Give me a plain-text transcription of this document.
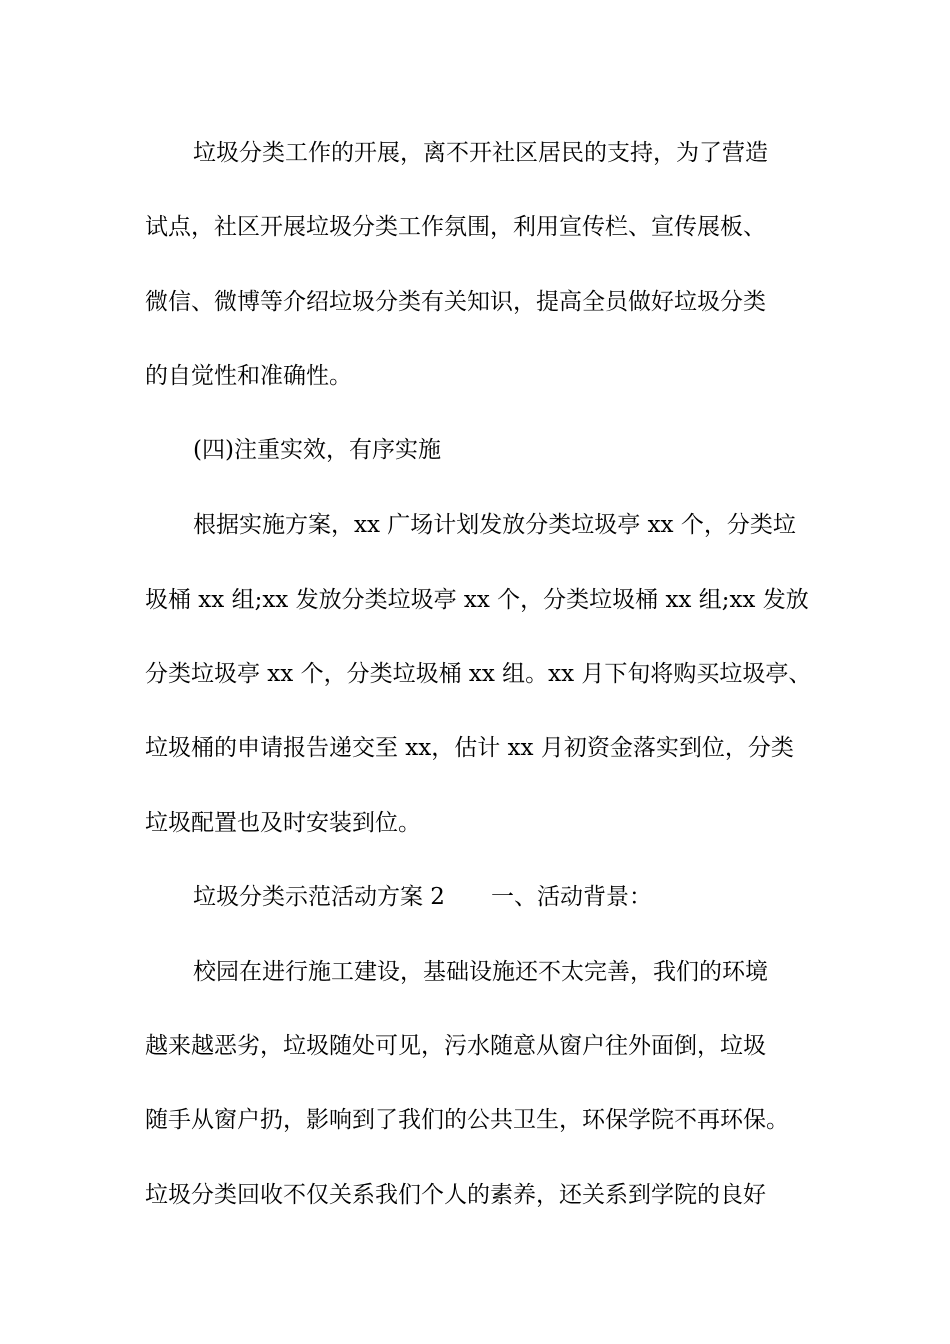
垃圾分类工作的开展，离不开社区居民的支持，为了营造
试点，社区开展垃圾分类工作氛围，利用宣传栏、宣传展板、
微信、微博等介绍垃圾分类有关知识，提高全员做好垃圾分类
的自觉性和准确性。
(四)注重实效，有序实施
根据实施方案，xx 广场计划发放分类垃圾亭 xx 个，分类垃
圾桶 xx 组;xx 发放分类垃圾亭 xx 个，分类垃圾桶 xx 组;xx 发放
分类垃圾亭 xx 个，分类垃圾桶 xx 组。xx 月下旬将购买垃圾亭、
垃圾桶的申请报告递交至 xx，估计 xx 月初资金落实到位，分类
垃圾配置也及时安装到位。
垃圾分类示范活动方案 2　　一、活动背景：
校园在进行施工建设，基础设施还不太完善，我们的环境
越来越恶劣，垃圾随处可见，污水随意从窗户往外面倒，垃圾
随手从窗户扔，影响到了我们的公共卫生，环保学院不再环保。
垃圾分类回收不仅关系我们个人的素养，还关系到学院的良好
